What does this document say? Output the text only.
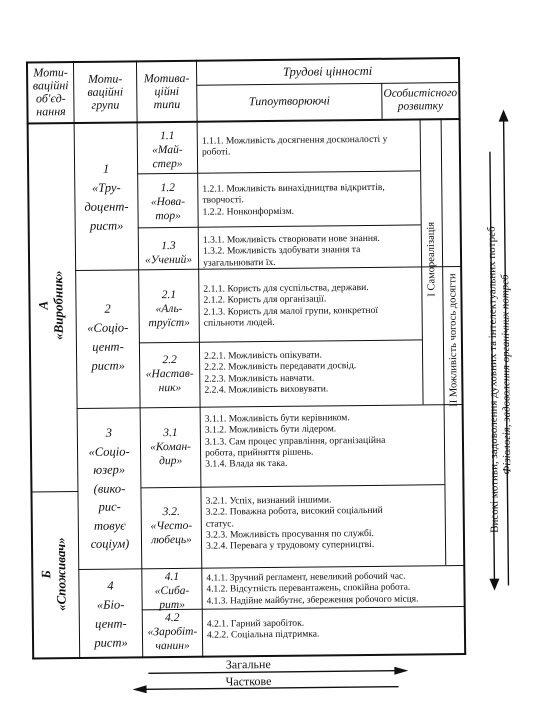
Моти-
ваційні
об'єд-
нання
Моти-
ваційні
групи
Мотива-
ційні
типи
Трудові цінності
Типоутворюючі	Особистісного
розвитку
А «Виробник»
Б «Споживач»
1
«Тру-
доцент-
рист»
2
«Соціо-
цент-
рист»
3
«Соціо-
юзер»
(вико-
рис-
товує
соціум)
4
«Біо-
цент-
рист»
1.1
«Май-
стер»
1.2
«Нова-
тор»
1.3
«Учений»
2.1
«Аль-
труїст»
2.2
«Настав-
ник»
3.1
«Коман-
дир»
3.2.
«Често-
любець»
4.1
«Сиба-
рит»
4.2
«Заробіт-
чанин»
1.1.1. Можливість досягнення досконалості у
роботі.
1.2.1. Можливість винахідництва відкриттів,
творчості.
1.2.2. Нонконформізм.
1.3.1. Можливість створювати нове знання.
1.3.2. Можливість здобувати знання та
узагальнювати їх.
2.1.1. Користь для суспільства, держави.
2.1.2. Користь для організації.
2.1.3. Користь для малої групи, конкретної
спільноти людей.
2.2.1. Можливість опікувати.
2.2.2. Можливість передавати досвід.
2.2.3. Можливість навчати.
2.2.4. Можливість виховувати.
3.1.1. Можливість бути керівником.
3.1.2. Можливість бути лідером.
3.1.3. Сам процес управління, організаційна
робота, прийняття рішень.
3.1.4. Влада як така.
3.2.1. Успіх, визнаний іншими.
3.2.2. Поважна робота, високий соціальний
статус.
3.2.3. Можливість просування по службі.
3.2.4. Перевага у трудовому суперництві.
4.1.1. Зручний регламент, невеликий робочий час.
4.1.2. Відсутність перевантажень, спокійна робота.
4.1.3. Надійне майбутнє, збереження робочого місця.
4.2.1. Гарний заробіток.
4.2.2. Соціальна підтримка.
І Самореалізація
ІІ Можливість чогось досягти Високі мотиви, задоволення духовних та інтелектуальних потреб
Фізіологія, задоволення органічних потреб
Загальне
Часткове
